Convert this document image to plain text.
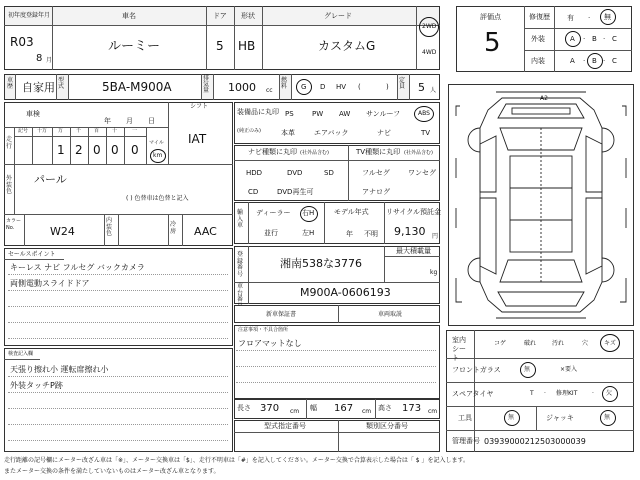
初年度登録年月
R03
8 月
車名
ルーミー
ドア
5
形状
HB
グレード
カスタムG
2WD
4WD
車歴 自家用
型式	5BA-M900A
排気量 1000 cc
燃料 G D HV (	)
定員 5 人
シフト
IAT
車検
年 月 日
走行
記号 十万 万	千	百	十	一
1 2 0 0 0 マイル
km
外装色
パール
( ) 色替車は色替と記入
カラーNo.	W24
内装色
冷房	AAC
装備品に丸印
(純正のみ)
PS	PW AW サンルーフ	ABS
本革	エアバック	ナビ	TV
ナビ種類に丸印 (社外品含む)	TV種類に丸印 (社外品含む)
HDD	DVD	SD
CD	DVD再生可
フルセグ	ワンセグ
アナログ
輸入車
ディーラー 右H
並行	左H
モデル年式
年 不明
リサイクル預託金
9,130 円
セールスポイント
キーレス ナビ フルセグ バックカメラ
両側電動スライドドア
登録番号
湘南538な3776
最大積載量
kg
車台番
M900A-0606193
新車保証書	車両取説
注意事項・不具合箇所
フロアマットなし
検査記入欄
天張り擦れ小 運転席擦れ小
外装タッチP跡
長さ 370 cm 幅 167 cm 高さ 173 cm
型式指定番号	類別区分番号
評価点
5
修復歴 有 · 無
外装	A · B · C
内装	A · B · C
A2
室内シート
コゲ	破れ	汚れ	穴	キズ
フロントガラス	無	×要入
スペアタイヤ	T · 修理KIT · 欠
工具	無	ジャッキ	無
管理番号 0393900021250300003​9
走行距離の記号欄にメーター改ざん車は「※」、メーター交換車は「$」、走行不明車は「#」を記入してください。メーター交換で合算表示した場合は「 $ 」を記入します。
またメーター交換の条件を満たしていないものはメーター改ざん車となります。
